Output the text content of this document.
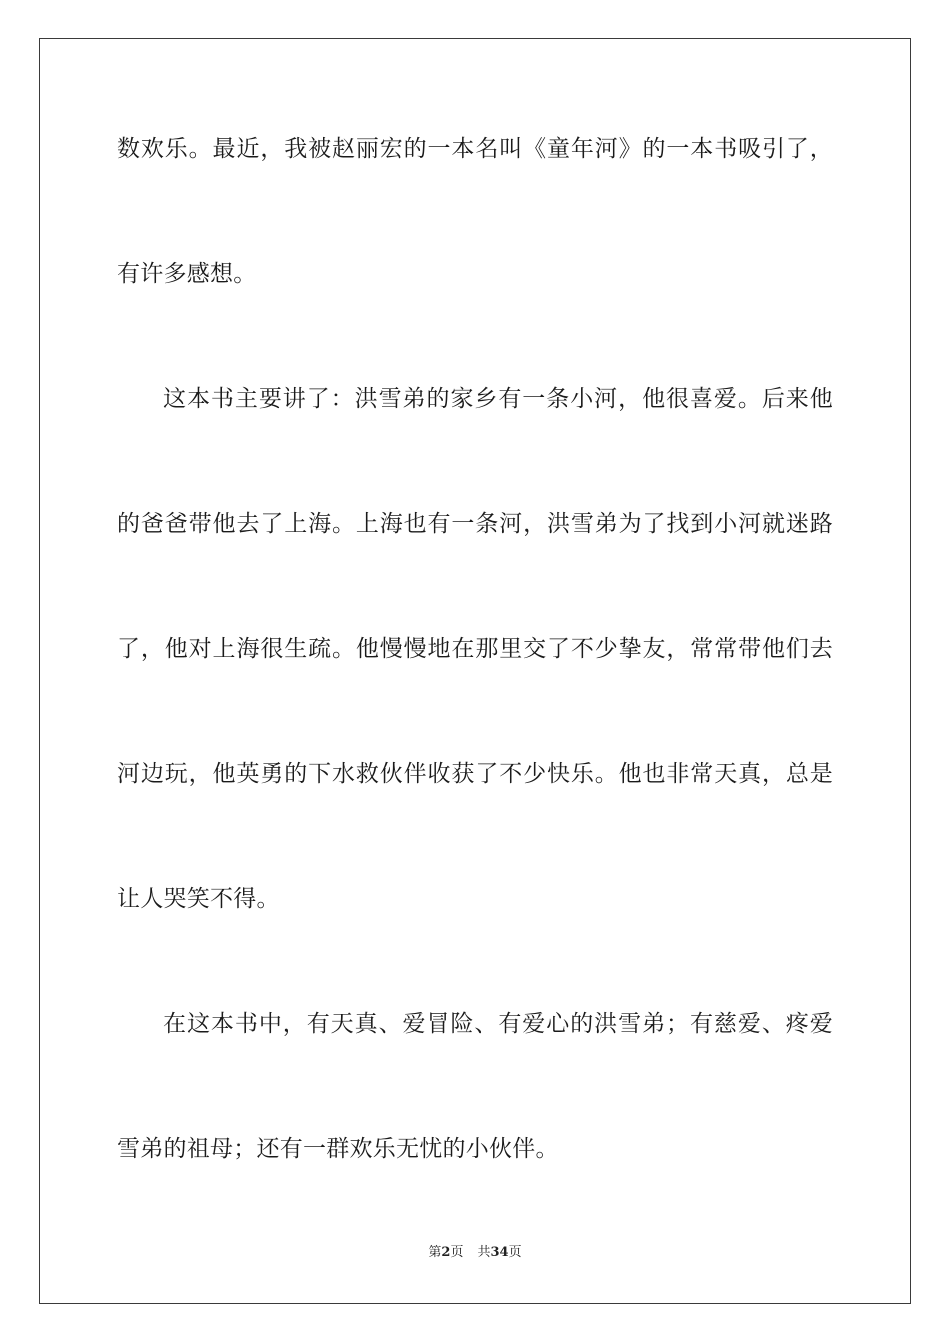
数欢乐。最近，我被赵丽宏的一本名叫《童年河》的一本书吸引了，
有许多感想。
这本书主要讲了：洪雪弟的家乡有一条小河，他很喜爱。后来他
的爸爸带他去了上海。上海也有一条河，洪雪弟为了找到小河就迷路
了，他对上海很生疏。他慢慢地在那里交了不少挚友，常常带他们去
河边玩，他英勇的下水救伙伴收获了不少快乐。他也非常天真，总是
让人哭笑不得。
在这本书中，有天真、爱冒险、有爱心的洪雪弟；有慈爱、疼爱
雪弟的祖母；还有一群欢乐无忧的小伙伴。
第2页 共34页
